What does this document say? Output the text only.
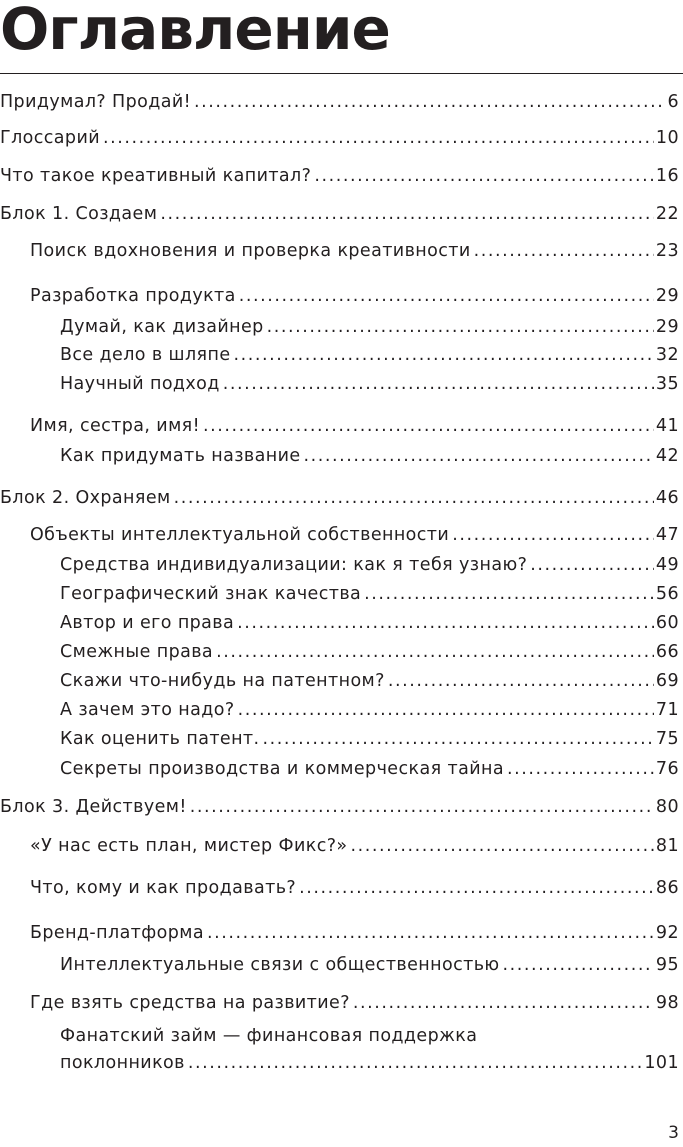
Оглавление
Придумал? Продай! . . .	6
Глоссарий . . .	10
Что такое креативный капитал? . . .	16
Блок 1. Создаем . . .	22
Поиск вдохновения и проверка креативности . . .	23
Разработка продукта . . .	29
Думай, как дизайнер . . .	29
Все дело в шляпе . . .	32
Научный подход . . .	35
Имя, сестра, имя! . . .	41
Как придумать название . . .	42
Блок 2. Охраняем . . .	46
Объекты интеллектуальной собственности . . .	47
Средства индивидуализации: как я тебя узнаю? . . .	49
Географический знак качества . . .	56
Автор и его права . . .	60
Смежные права . . .	66
Скажи что-нибудь на патентном? . . .	69
А зачем это надо? . . .	71
Как оценить патент. . . .	75
Секреты производства и коммерческая тайна . . .	76
Блок 3. Действуем! . . .	80
«У нас есть план, мистер Фикс?» . . .	81
Что, кому и как продавать? . . .	86
Бренд-платформа . . .	92
Интеллектуальные связи с общественностью . . .	95
Где взять средства на развитие? . . .	98
Фанатский займ — финансовая поддержка
поклонников . . .	101
3
